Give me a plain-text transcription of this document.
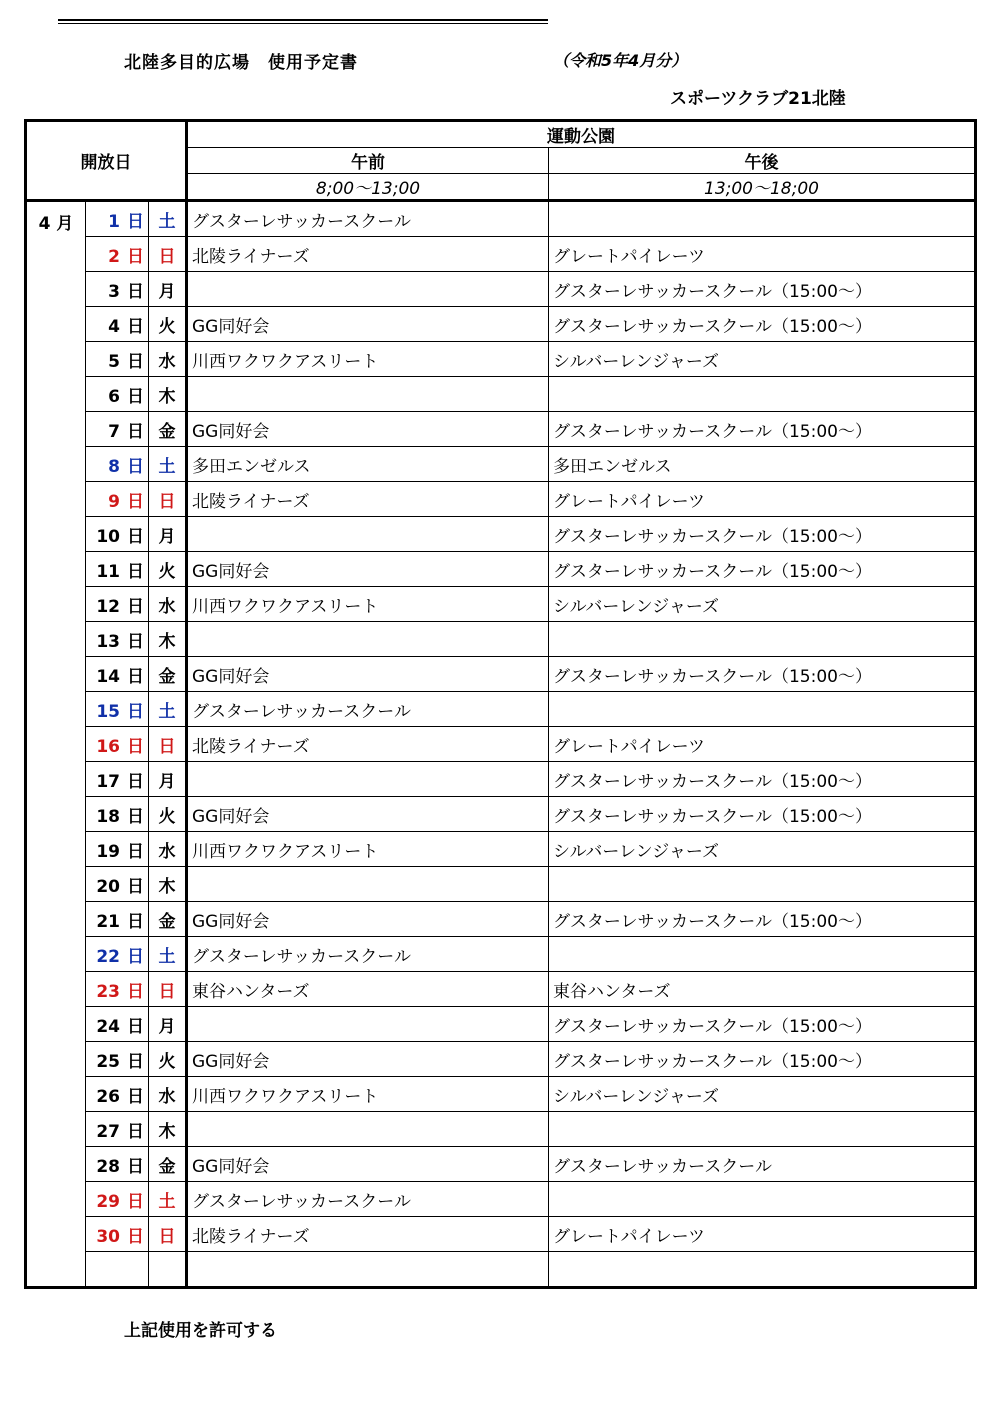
北陸多目的広場　使用予定書	（令和5年4月分）
スポーツクラブ21北陸
開放日			運動公園	
			午前	午後
			8;00～13;00	13;00～18;00
4 月	1 日	土	グスターレサッカースクール	
	2 日	日	北陵ライナーズ	グレートパイレーツ
	3 日	月		グスターレサッカースクール（15:00～）
	4 日	火	GG同好会	グスターレサッカースクール（15:00～）
	5 日	水	川西ワクワクアスリート	シルバーレンジャーズ
	6 日	木		
	7 日	金	GG同好会	グスターレサッカースクール（15:00～）
	8 日	土	多田エンゼルス	多田エンゼルス
	9 日	日	北陵ライナーズ	グレートパイレーツ
	10 日	月		グスターレサッカースクール（15:00～）
	11 日	火	GG同好会	グスターレサッカースクール（15:00～）
	12 日	水	川西ワクワクアスリート	シルバーレンジャーズ
	13 日	木		
	14 日	金	GG同好会	グスターレサッカースクール（15:00～）
	15 日	土	グスターレサッカースクール	
	16 日	日	北陵ライナーズ	グレートパイレーツ
	17 日	月		グスターレサッカースクール（15:00～）
	18 日	火	GG同好会	グスターレサッカースクール（15:00～）
	19 日	水	川西ワクワクアスリート	シルバーレンジャーズ
	20 日	木		
	21 日	金	GG同好会	グスターレサッカースクール（15:00～）
	22 日	土	グスターレサッカースクール	
	23 日	日	東谷ハンターズ	東谷ハンターズ
	24 日	月		グスターレサッカースクール（15:00～）
	25 日	火	GG同好会	グスターレサッカースクール（15:00～）
	26 日	水	川西ワクワクアスリート	シルバーレンジャーズ
	27 日	木		
	28 日	金	GG同好会	グスターレサッカースクール
	29 日	土	グスターレサッカースクール	
	30 日	日	北陵ライナーズ	グレートパイレーツ

上記使用を許可する
